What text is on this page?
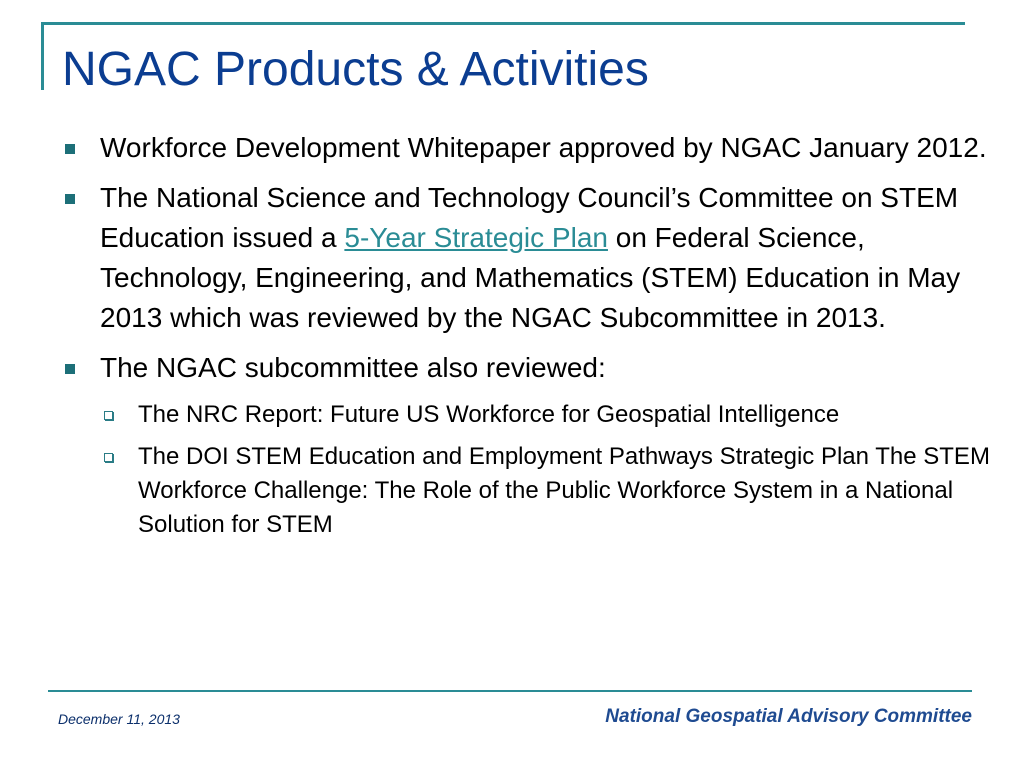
NGAC Products & Activities
Workforce Development Whitepaper approved by NGAC January 2012.
The National Science and Technology Council’s Committee on STEM Education issued a 5-Year Strategic Plan on Federal Science, Technology, Engineering, and Mathematics (STEM) Education in May 2013 which was reviewed by the NGAC Subcommittee in 2013.
The NGAC subcommittee also reviewed:
The NRC Report: Future US Workforce for Geospatial Intelligence
The DOI STEM Education and Employment Pathways Strategic Plan The STEM Workforce Challenge: The Role of the Public Workforce System in a National Solution for STEM
December 11, 2013	National Geospatial Advisory Committee
